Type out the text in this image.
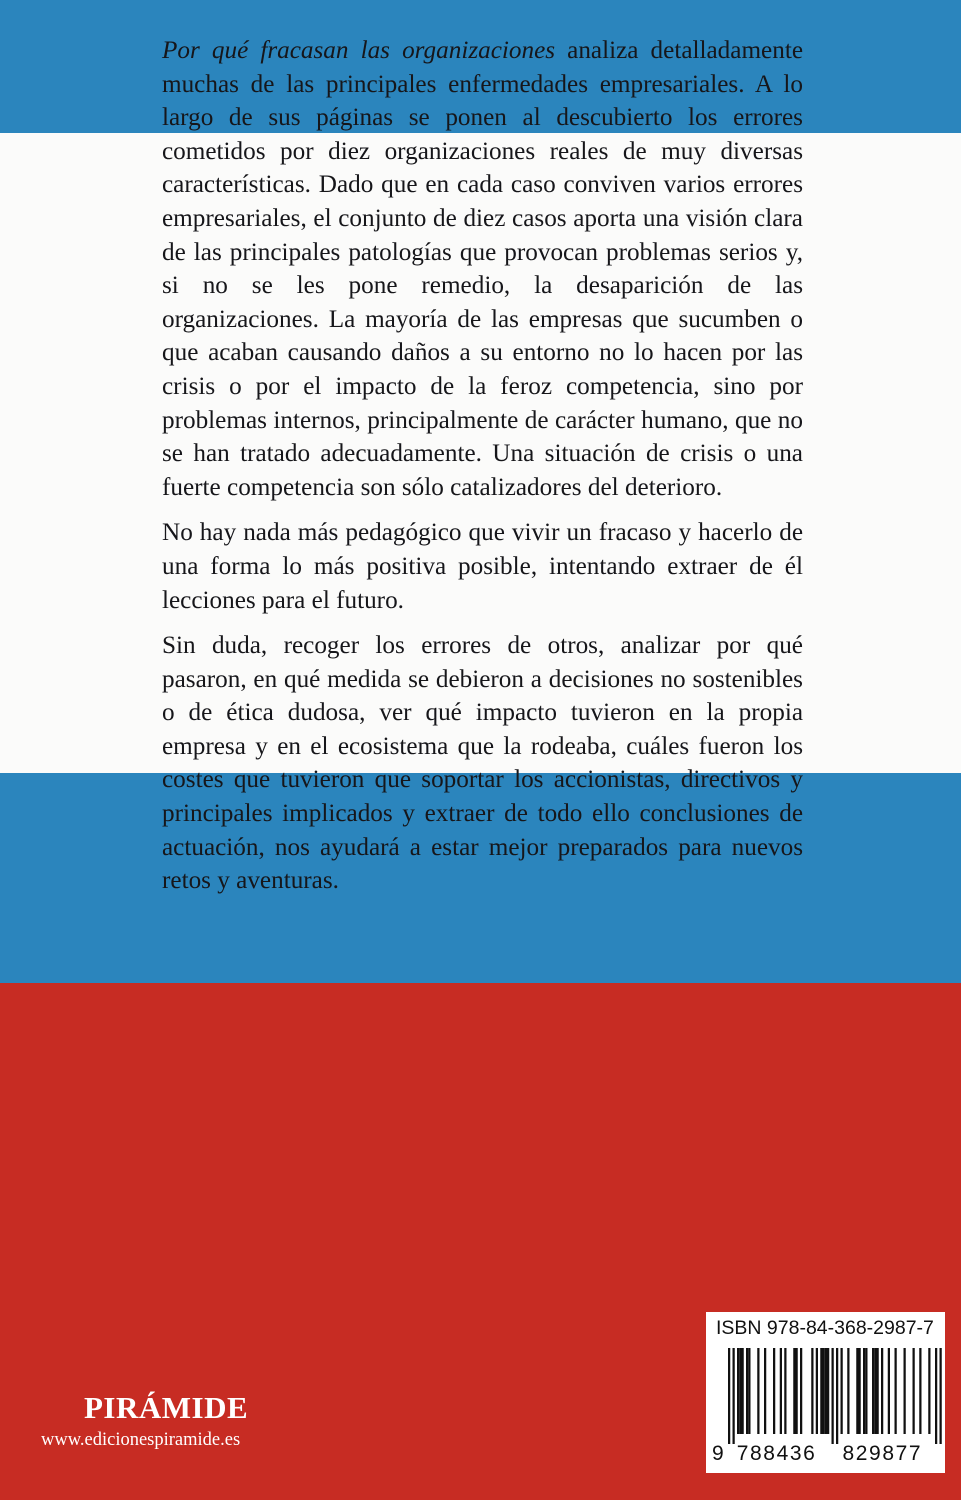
Por qué fracasan las organizaciones analiza detalladamente muchas de las principales enfermedades empresariales. A lo largo de sus páginas se ponen al descubierto los errores cometidos por diez organizaciones reales de muy diversas características. Dado que en cada caso conviven varios errores empresariales, el conjunto de diez casos aporta una visión clara de las principales patologías que provocan problemas serios y, si no se les pone remedio, la desaparición de las organizaciones. La mayoría de las empresas que sucumben o que acaban causando daños a su entorno no lo hacen por las crisis o por el impacto de la feroz competencia, sino por problemas internos, principalmente de carácter humano, que no se han tratado adecuadamente. Una situación de crisis o una fuerte competencia son sólo catalizadores del deterioro.

No hay nada más pedagógico que vivir un fracaso y hacerlo de una forma lo más positiva posible, intentando extraer de él lecciones para el futuro.

Sin duda, recoger los errores de otros, analizar por qué pasaron, en qué medida se debieron a decisiones no sostenibles o de ética dudosa, ver qué impacto tuvieron en la propia empresa y en el ecosistema que la rodeaba, cuáles fueron los costes que tuvieron que soportar los accionistas, directivos y principales implicados y extraer de todo ello conclusiones de actuación, nos ayudará a estar mejor preparados para nuevos retos y aventuras.

PIRÁMIDE
www.edicionespiramide.es
ISBN 978-84-368-2987-7
9 788436 829877
